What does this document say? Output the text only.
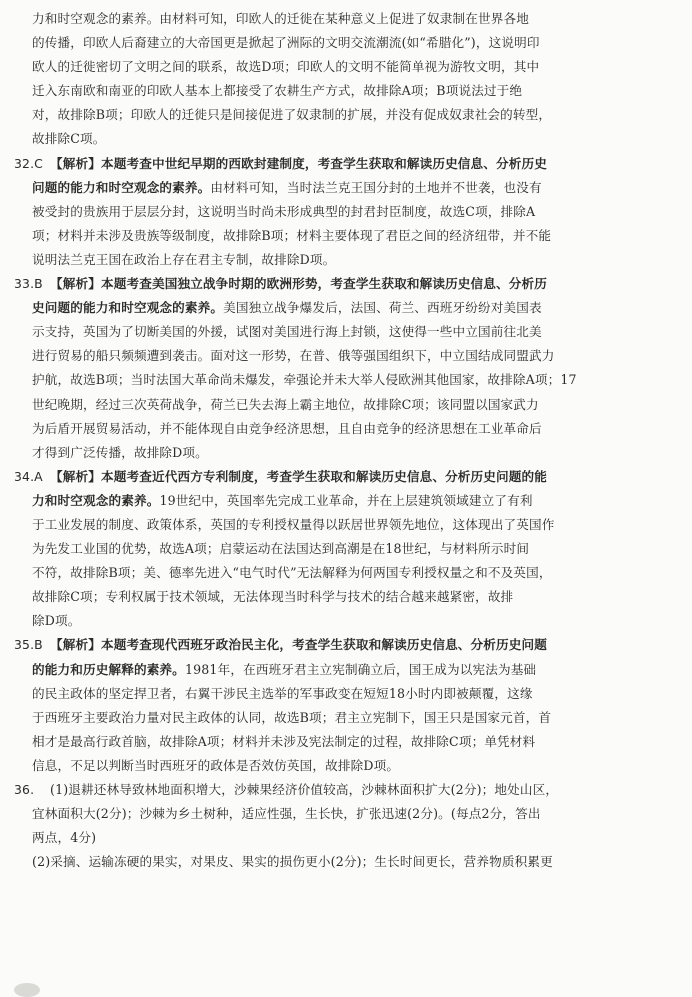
力和时空观念的素养。由材料可知，印欧人的迁徙在某种意义上促进了奴隶制在世界各地
的传播，印欧人后裔建立的大帝国更是掀起了洲际的文明交流潮流(如“希腊化”)，这说明印
欧人的迁徙密切了文明之间的联系，故选D项；印欧人的文明不能简单视为游牧文明，其中
迁入东南欧和南亚的印欧人基本上都接受了农耕生产方式，故排除A项；B项说法过于绝
对，故排除B项；印欧人的迁徙只是间接促进了奴隶制的扩展，并没有促成奴隶社会的转型，
故排除C项。
32.C 【解析】本题考查中世纪早期的西欧封建制度，考查学生获取和解读历史信息、分析历史
问题的能力和时空观念的素养。由材料可知，当时法兰克王国分封的土地并不世袭，也没有
被受封的贵族用于层层分封，这说明当时尚未形成典型的封君封臣制度，故选C项，排除A
项；材料并未涉及贵族等级制度，故排除B项；材料主要体现了君臣之间的经济纽带，并不能
说明法兰克王国在政治上存在君主专制，故排除D项。
33.B 【解析】本题考查美国独立战争时期的欧洲形势，考查学生获取和解读历史信息、分析历
史问题的能力和时空观念的素养。美国独立战争爆发后，法国、荷兰、西班牙纷纷对美国表
示支持，英国为了切断美国的外援，试图对美国进行海上封锁，这使得一些中立国前往北美
进行贸易的船只频频遭到袭击。面对这一形势，在普、俄等强国组织下，中立国结成同盟武力
护航，故选B项；当时法国大革命尚未爆发，牵强论并未大举人侵欧洲其他国家，故排除A项；17
世纪晚期，经过三次英荷战争，荷兰已失去海上霸主地位，故排除C项；该同盟以国家武力
为后盾开展贸易活动，并不能体现自由竞争经济思想，且自由竞争的经济思想在工业革命后
才得到广泛传播，故排除D项。
34.A 【解析】本题考查近代西方专利制度，考查学生获取和解读历史信息、分析历史问题的能
力和时空观念的素养。19世纪中，英国率先完成工业革命，并在上层建筑领域建立了有利
于工业发展的制度、政策体系，英国的专利授权量得以跃居世界领先地位，这体现出了英国作
为先发工业国的优势，故选A项；启蒙运动在法国达到高潮是在18世纪，与材料所示时间
不符，故排除B项；美、德率先进入“电气时代”无法解释为何两国专利授权量之和不及英国，
故排除C项；专利权属于技术领域，无法体现当时科学与技术的结合越来越紧密，故排
除D项。
35.B 【解析】本题考查现代西班牙政治民主化，考查学生获取和解读历史信息、分析历史问题
的能力和历史解释的素养。1981年，在西班牙君主立宪制确立后，国王成为以宪法为基础
的民主政体的坚定捍卫者，右翼干涉民主选举的军事政变在短短18小时内即被颠覆，这缘
于西班牙主要政治力量对民主政体的认同，故选B项；君主立宪制下，国王只是国家元首，首
相才是最高行政首脑，故排除A项；材料并未涉及宪法制定的过程，故排除C项；单凭材料
信息，不足以判断当时西班牙的政体是否效仿英国，故排除D项。
36. (1)退耕还林导致林地面积增大，沙棘果经济价值较高，沙棘林面积扩大(2分)；地处山区，
宜林面积大(2分)；沙棘为乡土树种，适应性强，生长快，扩张迅速(2分)。(每点2分，答出
两点，4分)
(2)采摘、运输冻硬的果实，对果皮、果实的损伤更小(2分)；生长时间更长，营养物质积累更
